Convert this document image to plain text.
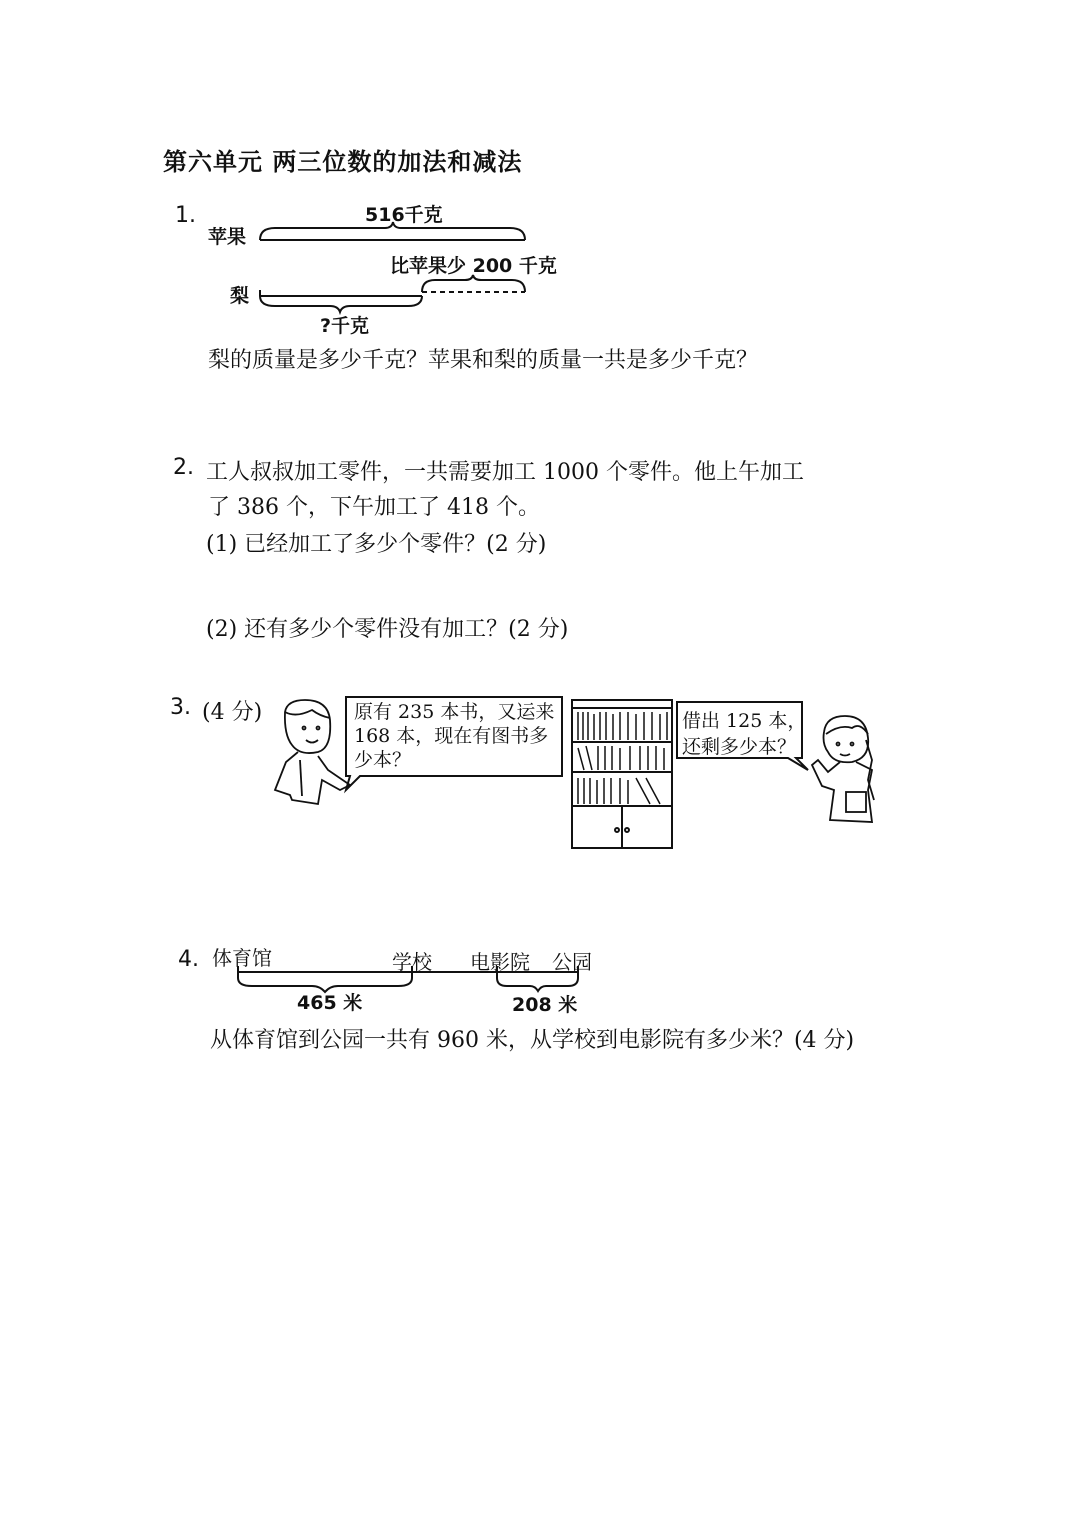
第六单元 两三位数的加法和减法
1.	516千克
苹果
比苹果少 200 千克
梨
?千克
梨的质量是多少千克？苹果和梨的质量一共是多少千克？
2. 工人叔叔加工零件，一共需要加工 1000 个零件。他上午加工
了 386 个，下午加工了 418 个。
(1) 已经加工了多少个零件？(2 分)
(2) 还有多少个零件没有加工？(2 分)
3. (4 分)	原有 235 本书，又运来
168 本，现在有图书多
少本？
借出 125 本，
还剩多少本？
4. 体育馆	学校 电影院 公园
465 米	208 米
从体育馆到公园一共有 960 米，从学校到电影院有多少米？(4 分)
